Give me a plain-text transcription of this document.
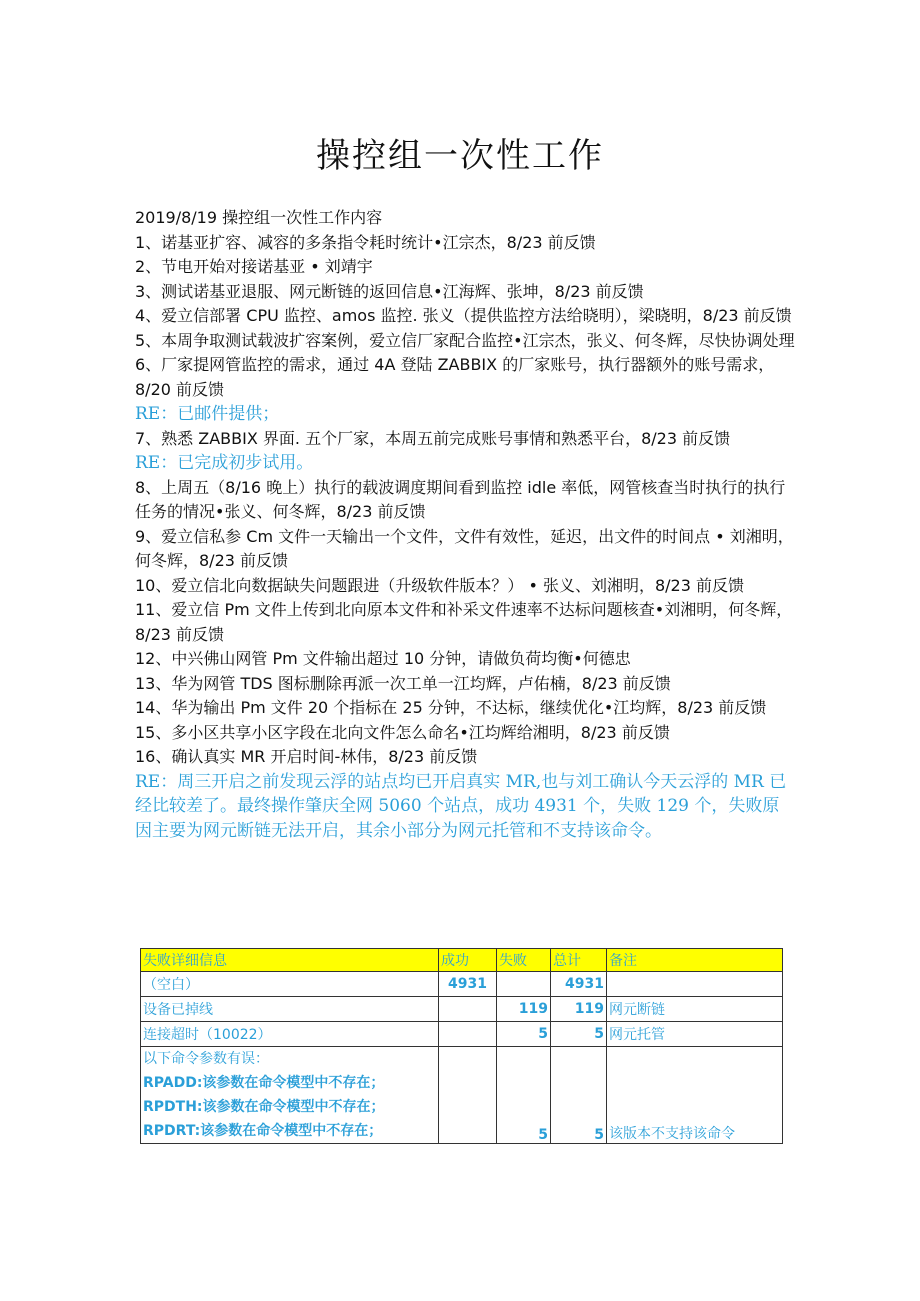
操控组一次性工作

2019/8/19 操控组一次性工作内容

1、诺基亚扩容、减容的多条指令耗时统计•江宗杰，8/23 前反馈

2、节电开始对接诺基亚 • 刘靖宇

3、测试诺基亚退服、网元断链的返回信息•江海辉、张坤，8/23 前反馈

4、爱立信部署 CPU 监控、amos 监控. 张义（提供监控方法给晓明），梁晓明，8/23 前反馈

5、本周争取测试载波扩容案例，爱立信厂家配合监控•江宗杰，张义、何冬辉，尽快协调处理

6、厂家提网管监控的需求，通过 4A 登陆 ZABBIX 的厂家账号，执行器额外的账号需求，8/20 前反馈

RE：已邮件提供；

7、熟悉 ZABBIX 界面. 五个厂家，本周五前完成账号事情和熟悉平台，8/23 前反馈

RE：已完成初步试用。

8、上周五（8/16 晚上）执行的载波调度期间看到监控 idle 率低，网管核查当时执行的执行任务的情况•张义、何冬辉，8/23 前反馈

9、爱立信私参 Cm 文件一天输出一个文件，文件有效性，延迟，出文件的时间点 • 刘湘明，何冬辉，8/23 前反馈

10、爱立信北向数据缺失问题跟进（升级软件版本？） • 张义、刘湘明，8/23 前反馈

11、爱立信 Pm 文件上传到北向原本文件和补采文件速率不达标问题核查•刘湘明，何冬辉，8/23 前反馈

12、中兴佛山网管 Pm 文件输出超过 10 分钟，请做负荷均衡•何德忠

13、华为网管 TDS 图标删除再派一次工单一江均辉，卢佑楠，8/23 前反馈

14、华为输出 Pm 文件 20 个指标在 25 分钟，不达标，继续优化•江均辉，8/23 前反馈

15、多小区共享小区字段在北向文件怎么命名•江均辉给湘明，8/23 前反馈

16、确认真实 MR 开启时间-林伟，8/23 前反馈

RE：周三开启之前发现云浮的站点均已开启真实 MR,也与刘工确认今天云浮的 MR 已经比较差了。最终操作肇庆全网 5060 个站点，成功 4931 个，失败 129 个，失败原因主要为网元断链无法开启，其余小部分为网元托管和不支持该命令。

失败详细信息	成功	失败	总计	备注
（空白）	4931		4931	
设备已掉线		119	119	网元断链
连接超时（10022）		5	5	网元托管

以下命令参数有误：
RPADD:该参数在命令模型中不存在；
RPDTH:该参数在命令模型中不存在；
RPDRT:该参数在命令模型中不存在；		5	5	该版本不支持该命令
